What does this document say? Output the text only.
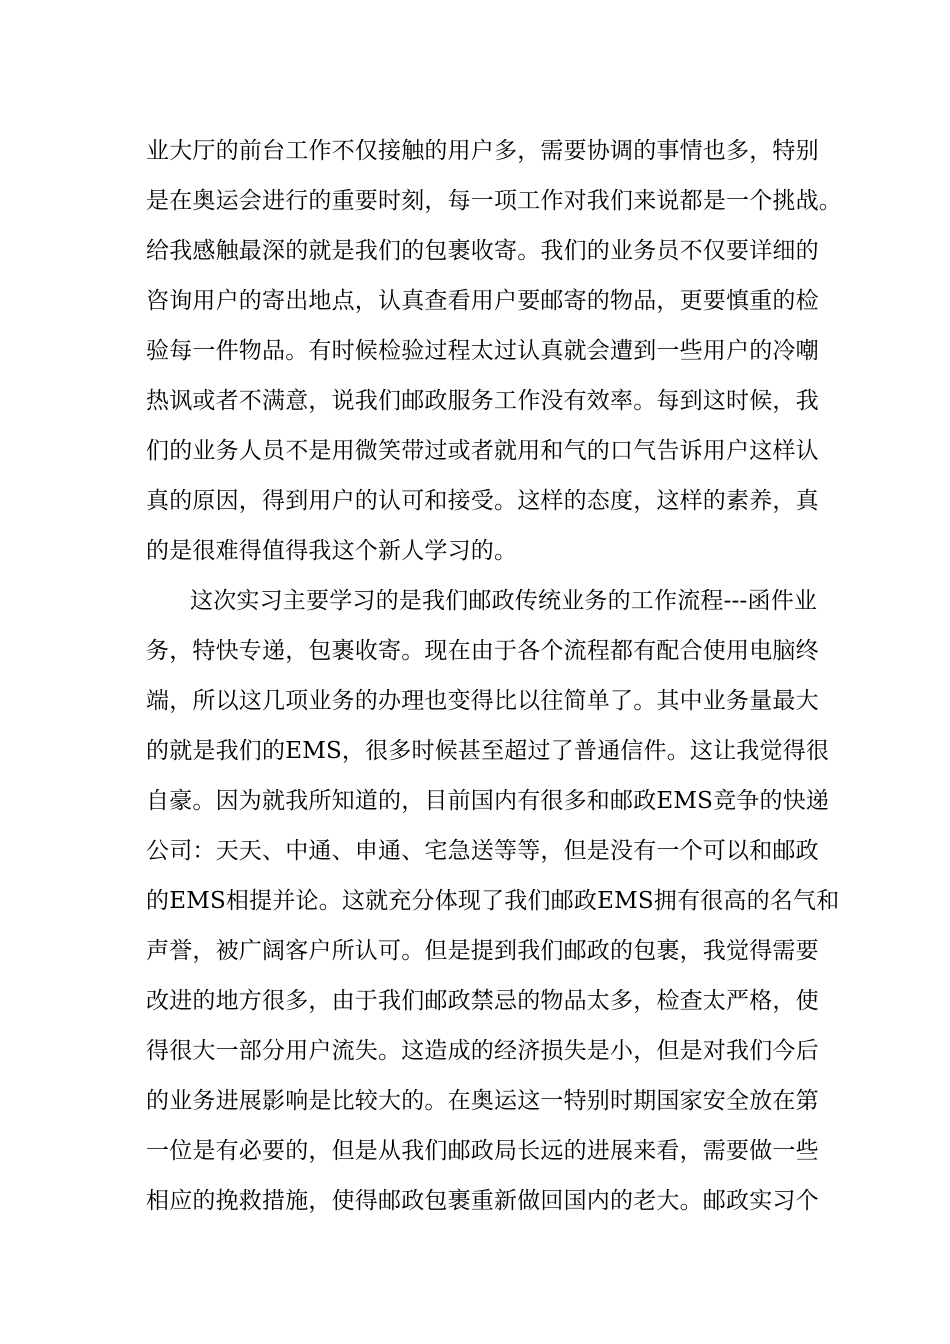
业大厅的前台工作不仅接触的用户多，需要协调的事情也多，特别
是在奥运会进行的重要时刻，每一项工作对我们来说都是一个挑战。
给我感触最深的就是我们的包裹收寄。我们的业务员不仅要详细的
咨询用户的寄出地点，认真查看用户要邮寄的物品，更要慎重的检
验每一件物品。有时候检验过程太过认真就会遭到一些用户的冷嘲
热讽或者不满意，说我们邮政服务工作没有效率。每到这时候，我
们的业务人员不是用微笑带过或者就用和气的口气告诉用户这样认
真的原因，得到用户的认可和接受。这样的态度，这样的素养，真
的是很难得值得我这个新人学习的。
这次实习主要学习的是我们邮政传统业务的工作流程---函件业
务，特快专递，包裹收寄。现在由于各个流程都有配合使用电脑终
端，所以这几项业务的办理也变得比以往简单了。其中业务量最大
的就是我们的EMS，很多时候甚至超过了普通信件。这让我觉得很
自豪。因为就我所知道的，目前国内有很多和邮政EMS竞争的快递
公司：天天、中通、申通、宅急送等等，但是没有一个可以和邮政
的EMS相提并论。这就充分体现了我们邮政EMS拥有很高的名气和
声誉，被广阔客户所认可。但是提到我们邮政的包裹，我觉得需要
改进的地方很多，由于我们邮政禁忌的物品太多，检查太严格，使
得很大一部分用户流失。这造成的经济损失是小，但是对我们今后
的业务进展影响是比较大的。在奥运这一特别时期国家安全放在第
一位是有必要的，但是从我们邮政局长远的进展来看，需要做一些
相应的挽救措施，使得邮政包裹重新做回国内的老大。邮政实习个
